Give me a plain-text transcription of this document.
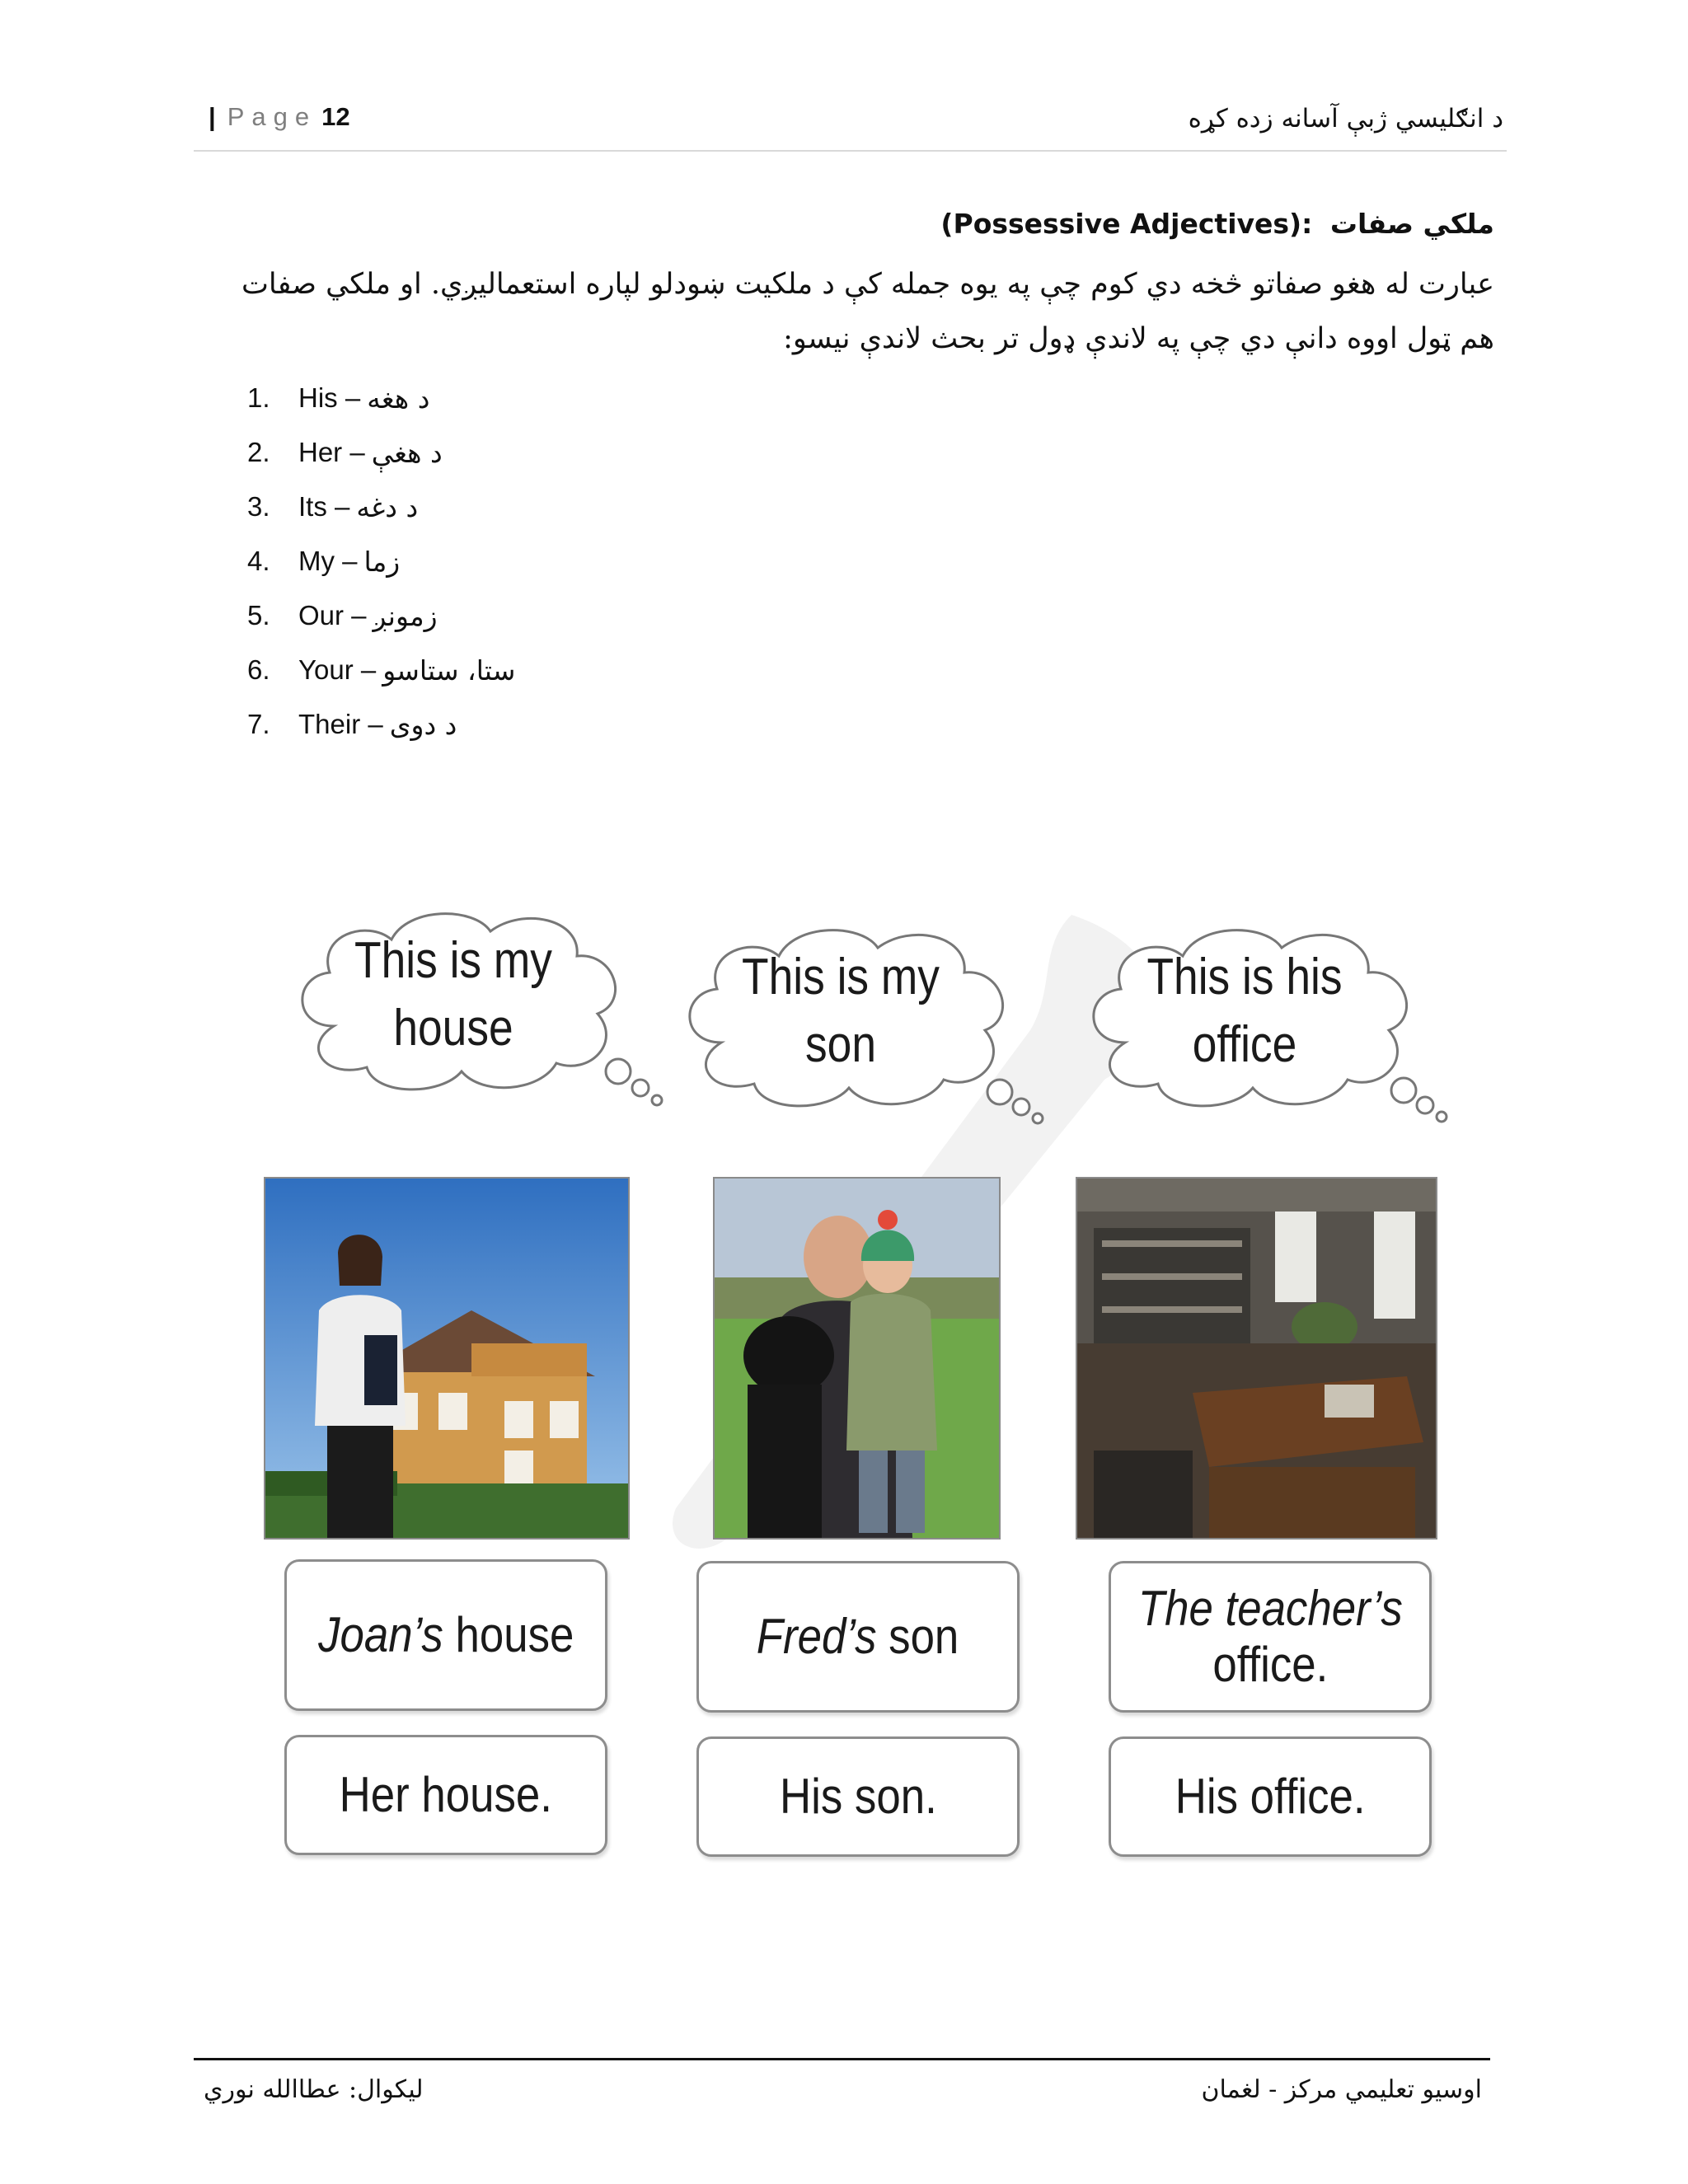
| Page 12	د انګلیسي ژبې آسانه زده کړه
(Possessive Adjectives): ملکي صفات
عبارت له هغو صفاتو څخه دي کوم چې په یوه جمله کې د ملکیت ښودلو لپاره استعمالیږي. او ملکي صفات هم ټول اووه دانې دي چې په لاندې ډول تر بحث لاندې نیسو:
1.	His – د هغه
2.	Her – د هغې
3.	Its – د دغه
4.	My – زما
5.	Our – زمونږ
6.	Your – ستا، ستاسو
7.	Their – د دوی
This is my
house
This is my
son
This is his
office
Joan’s house	Fred’s son
The teacher’s
office.
Her house.	His son.	His office.
لیکوال: عطاالله نوري	اوسیو تعلیمي مرکز - لغمان
